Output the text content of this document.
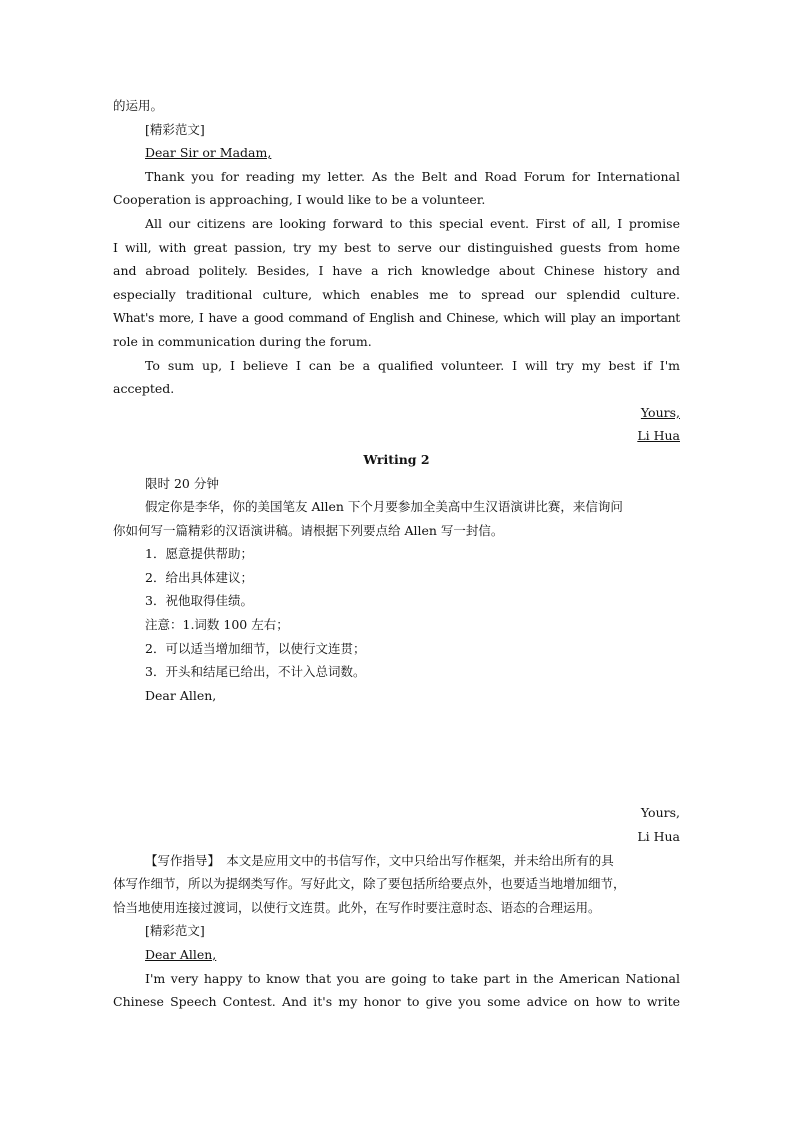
的运用。
[精彩范文]
Dear Sir or Madam,
Thank you for reading my letter. As the Belt and Road Forum for International
Cooperation is approaching, I would like to be a volunteer.
All our citizens are looking forward to this special event. First of all, I promise
I will, with great passion, try my best to serve our distinguished guests from home
and abroad politely. Besides, I have a rich knowledge about Chinese history and
especially traditional culture, which enables me to spread our splendid culture.
What's more, I have a good command of English and Chinese, which will play an important
role in communication during the forum.
To sum up, I believe I can be a qualified volunteer. I will try my best if I'm
accepted.
Yours,
Li Hua
Writing 2
限时 20 分钟
假定你是李华，你的美国笔友 Allen 下个月要参加全美高中生汉语演讲比赛，来信询问
你如何写一篇精彩的汉语演讲稿。请根据下列要点给 Allen 写一封信。
1．愿意提供帮助；
2．给出具体建议；
3．祝他取得佳绩。
注意：1.词数 100 左右；
2．可以适当增加细节，以使行文连贯；
3．开头和结尾已给出，不计入总词数。
Dear Allen,
Yours,
Li Hua
【写作指导】　本文是应用文中的书信写作，文中只给出写作框架，并未给出所有的具
体写作细节，所以为提纲类写作。写好此文，除了要包括所给要点外，也要适当地增加细节，
恰当地使用连接过渡词，以使行文连贯。此外，在写作时要注意时态、语态的合理运用。
[精彩范文]
Dear Allen,
I'm very happy to know that you are going to take part in the American National
Chinese Speech Contest. And it's my honor to give you some advice on how to write
